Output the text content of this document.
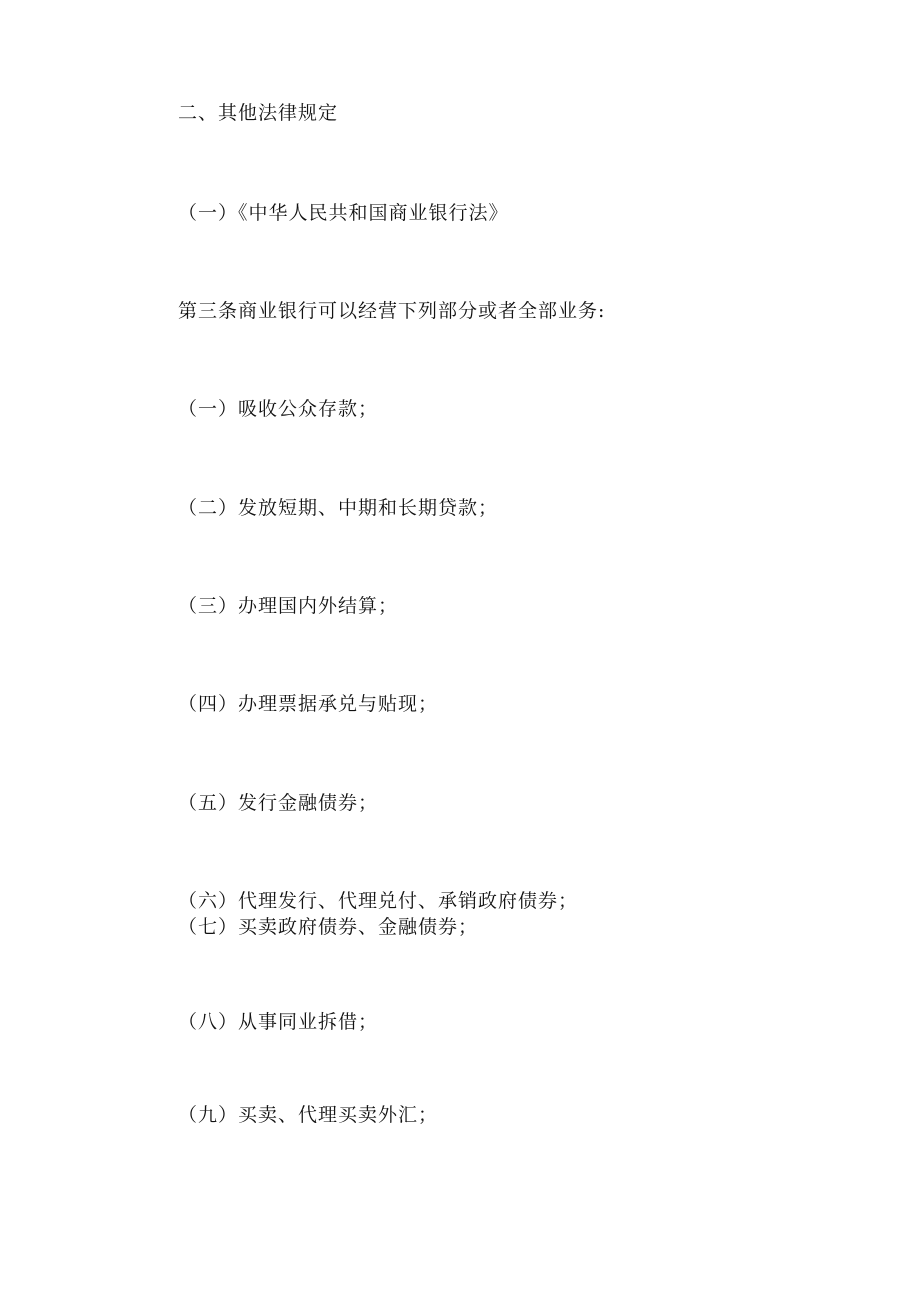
二、其他法律规定
（一）《中华人民共和国商业银行法》
第三条商业银行可以经营下列部分或者全部业务:
（一）吸收公众存款；
（二）发放短期、中期和长期贷款；
（三）办理国内外结算；
（四）办理票据承兑与贴现；
（五）发行金融债券；
（六）代理发行、代理兑付、承销政府债券；
（七）买卖政府债券、金融债券；
（八）从事同业拆借；
（九）买卖、代理买卖外汇；
